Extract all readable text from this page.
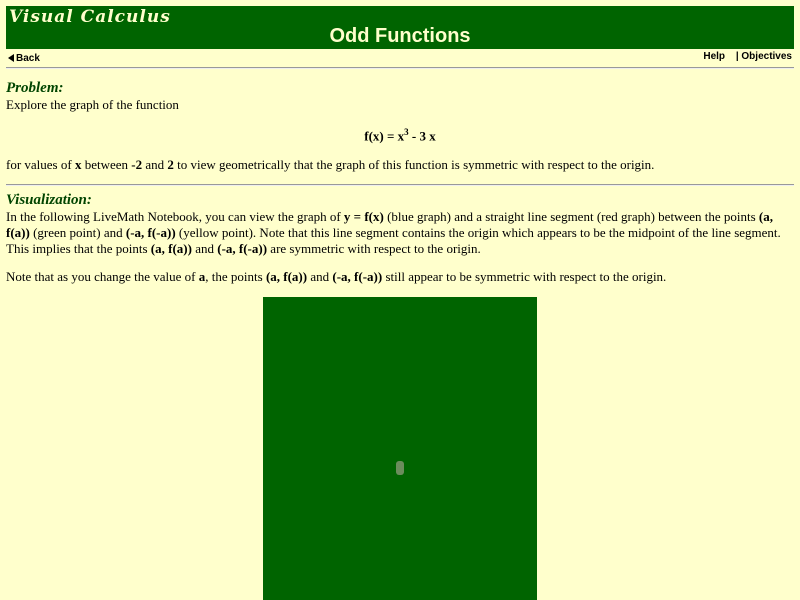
Visual Calculus
Odd Functions
Back	Help | Objectives
Problem:
Explore the graph of the function
$f(x) = x^3 - 3$ x
for values of x between -2 and 2 to view geometrically that the graph of this function is symmetric with respect to the origin.
Visualization:
In the following LiveMath Notebook, you can view the graph of y = f(x) (blue graph) and a straight line segment (red graph) between the points (a, f(a)) (green point) and (-a, f(-a)) (yellow point). Note that this line segment contains the origin which appears to be the midpoint of the line segment. This implies that the points (a, f(a)) and (-a, f(-a)) are symmetric with respect to the origin.
Note that as you change the value of a, the points (a, f(a)) and (-a, f(-a)) still appear to be symmetric with respect to the origin.
